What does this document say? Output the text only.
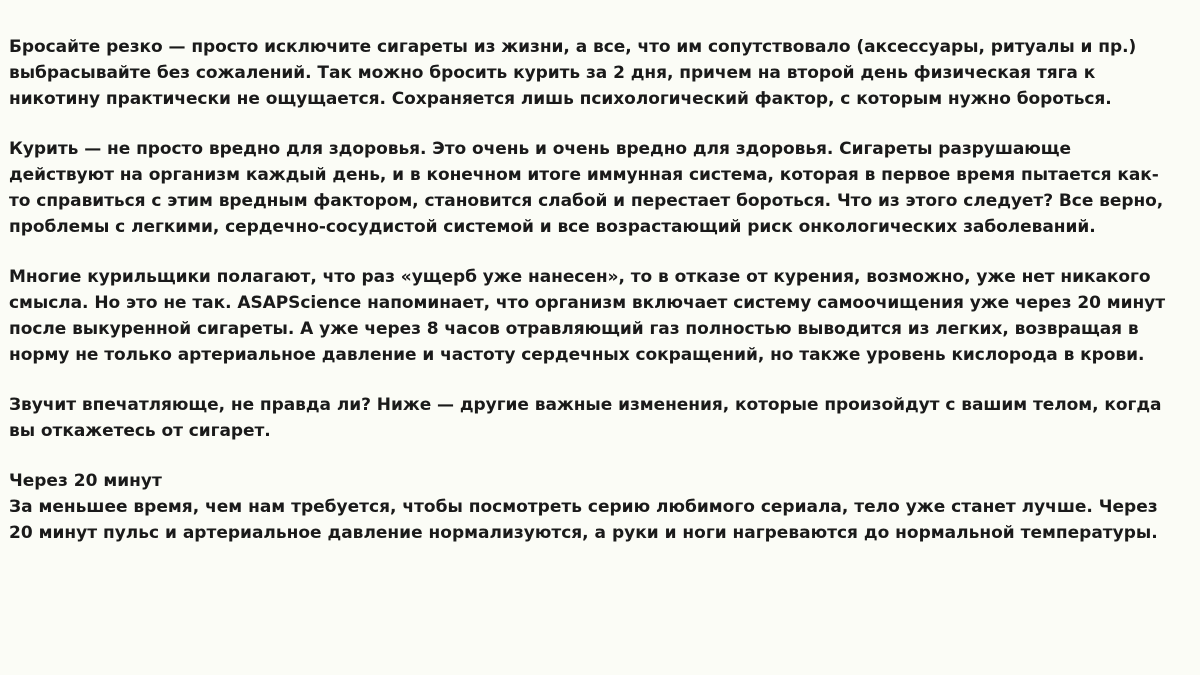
Бросайте резко — просто исключите сигареты из жизни, а все, что им сопутствовало (аксессуары, ритуалы и пр.) выбрасывайте без сожалений. Так можно бросить курить за 2 дня, причем на второй день физическая тяга к никотину практически не ощущается. Сохраняется лишь психологический фактор, с которым нужно бороться.

Курить — не просто вредно для здоровья. Это очень и очень вредно для здоровья. Сигареты разрушающе действуют на организм каждый день, и в конечном итоге иммунная система, которая в первое время пытается как-то справиться с этим вредным фактором, становится слабой и перестает бороться. Что из этого следует? Все верно, проблемы с легкими, сердечно-сосудистой системой и все возрастающий риск онкологических заболеваний.

Многие курильщики полагают, что раз «ущерб уже нанесен», то в отказе от курения, возможно, уже нет никакого смысла. Но это не так. ASAPScience напоминает, что организм включает систему самоочищения уже через 20 минут после выкуренной сигареты. А уже через 8 часов отравляющий газ полностью выводится из легких, возвращая в норму не только артериальное давление и частоту сердечных сокращений, но также уровень кислорода в крови.

Звучит впечатляюще, не правда ли? Ниже — другие важные изменения, которые произойдут с вашим телом, когда вы откажетесь от сигарет.

Через 20 минут

За меньшее время, чем нам требуется, чтобы посмотреть серию любимого сериала, тело уже станет лучше. Через 20 минут пульс и артериальное давление нормализуются, а руки и ноги нагреваются до нормальной температуры.
